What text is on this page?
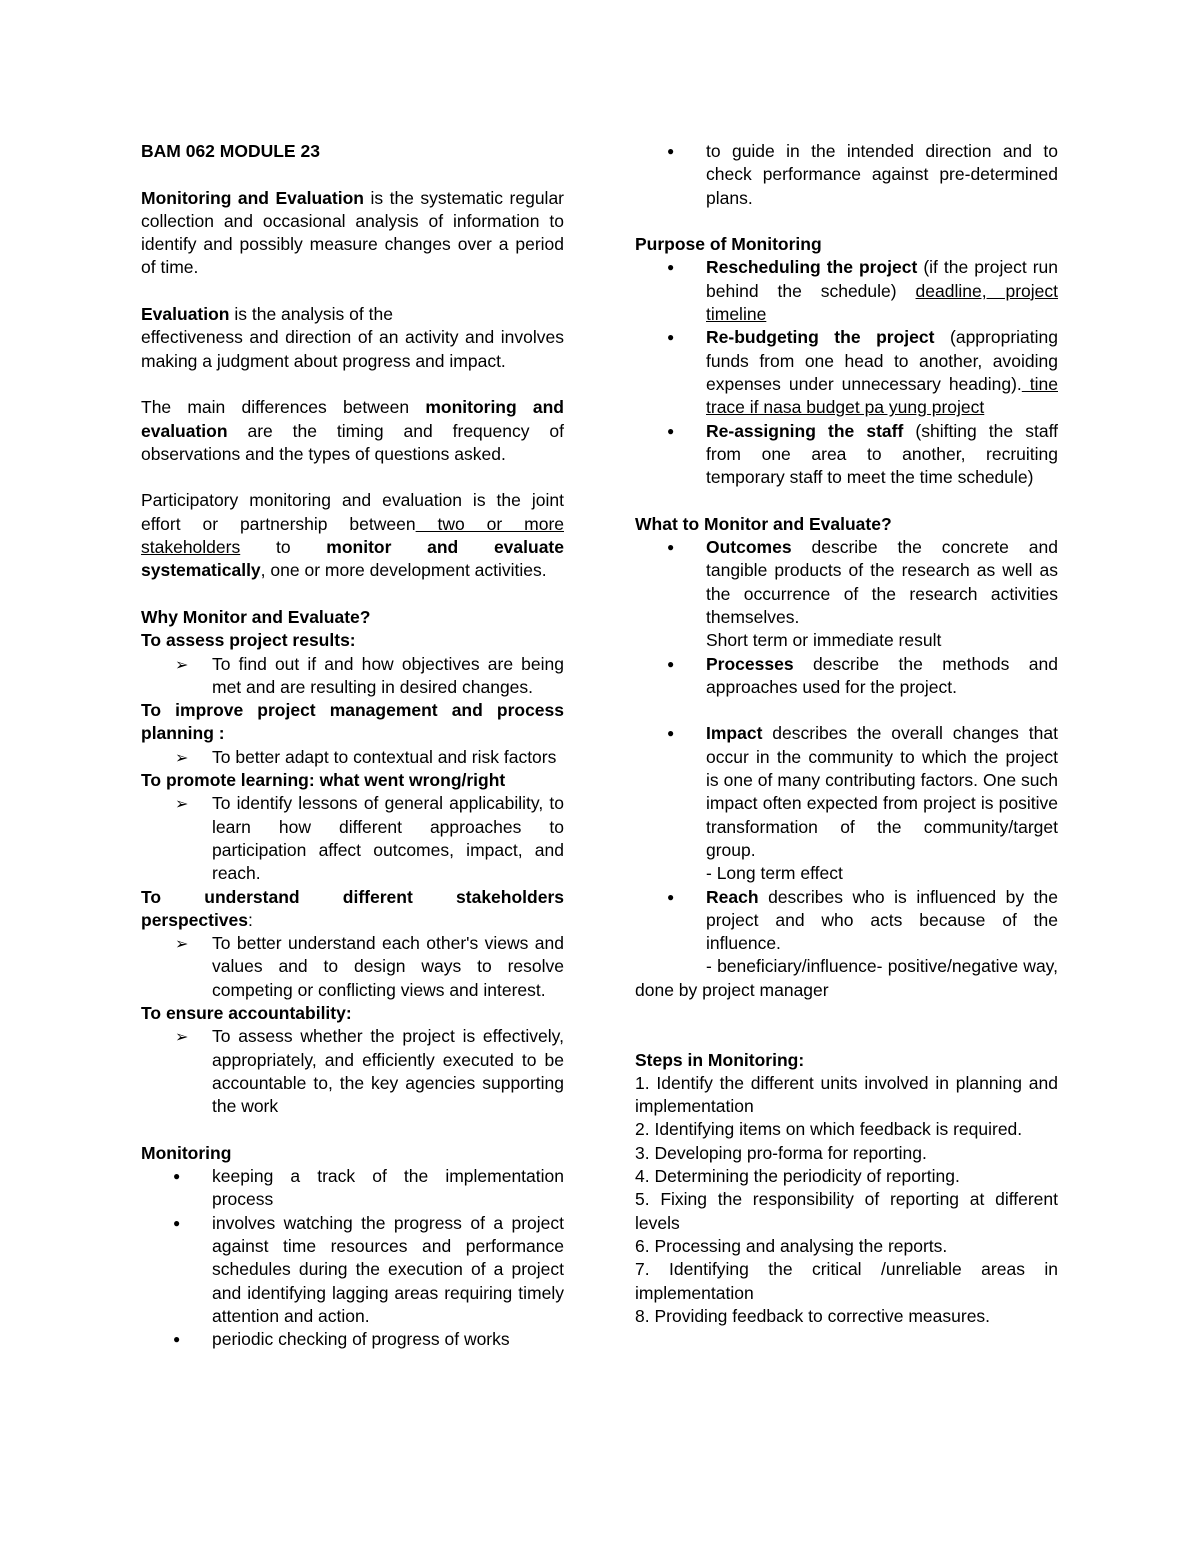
BAM 062 MODULE 23

Monitoring and Evaluation is the systematic regular collection and occasional analysis of information to identify and possibly measure changes over a period of time.

Evaluation is the analysis of the

effectiveness and direction of an activity and involves making a judgment about progress and impact.

The main differences between monitoring and evaluation are the timing and frequency of observations and the types of questions asked.

Participatory monitoring and evaluation is the joint effort or partnership between two or more stakeholders to monitor and evaluate systematically, one or more development activities.

Why Monitor and Evaluate?

To assess project results:

➢ To find out if and how objectives are being met and are resulting in desired changes.

To improve project management and process planning :

➢ To better adapt to contextual and risk factors

To promote learning: what went wrong/right

➢ To identify lessons of general applicability, to learn how different approaches to participation affect outcomes, impact, and reach.

To understand different stakeholders perspectives:

➢ To better understand each other's views and values and to design ways to resolve competing or conflicting views and interest.

To ensure accountability:

➢ To assess whether the project is effectively, appropriately, and efficiently executed to be accountable to, the key agencies supporting the work

Monitoring

● keeping a track of the implementation process
● involves watching the progress of a project against time resources and performance schedules during the execution of a project and identifying lagging areas requiring timely attention and action.
● periodic checking of progress of works
● to guide in the intended direction and to check performance against pre-determined plans.

Purpose of Monitoring

● Rescheduling the project (if the project run behind the schedule) deadline, project timeline
● Re-budgeting the project (appropriating funds from one head to another, avoiding expenses under unnecessary heading). tine trace if nasa budget pa yung project
● Re-assigning the staff (shifting the staff from one area to another, recruiting temporary staff to meet the time schedule)

What to Monitor and Evaluate?

● Outcomes describe the concrete and tangible products of the research as well as the occurrence of the research activities themselves.

Short term or immediate result

● Processes describe the methods and approaches used for the project.
● Impact describes the overall changes that occur in the community to which the project is one of many contributing factors. One such impact often expected from project is positive transformation of the community/target group.

- Long term effect

● Reach describes who is influenced by the project and who acts because of the influence.

- beneficiary/influence- positive/negative way, done by project manager

Steps in Monitoring:

1. Identify the different units involved in planning and implementation
2. Identifying items on which feedback is required.
3. Developing pro-forma for reporting.
4. Determining the periodicity of reporting.
5. Fixing the responsibility of reporting at different levels
6. Processing and analysing the reports.
7. Identifying the critical /unreliable areas in implementation
8. Providing feedback to corrective measures.
